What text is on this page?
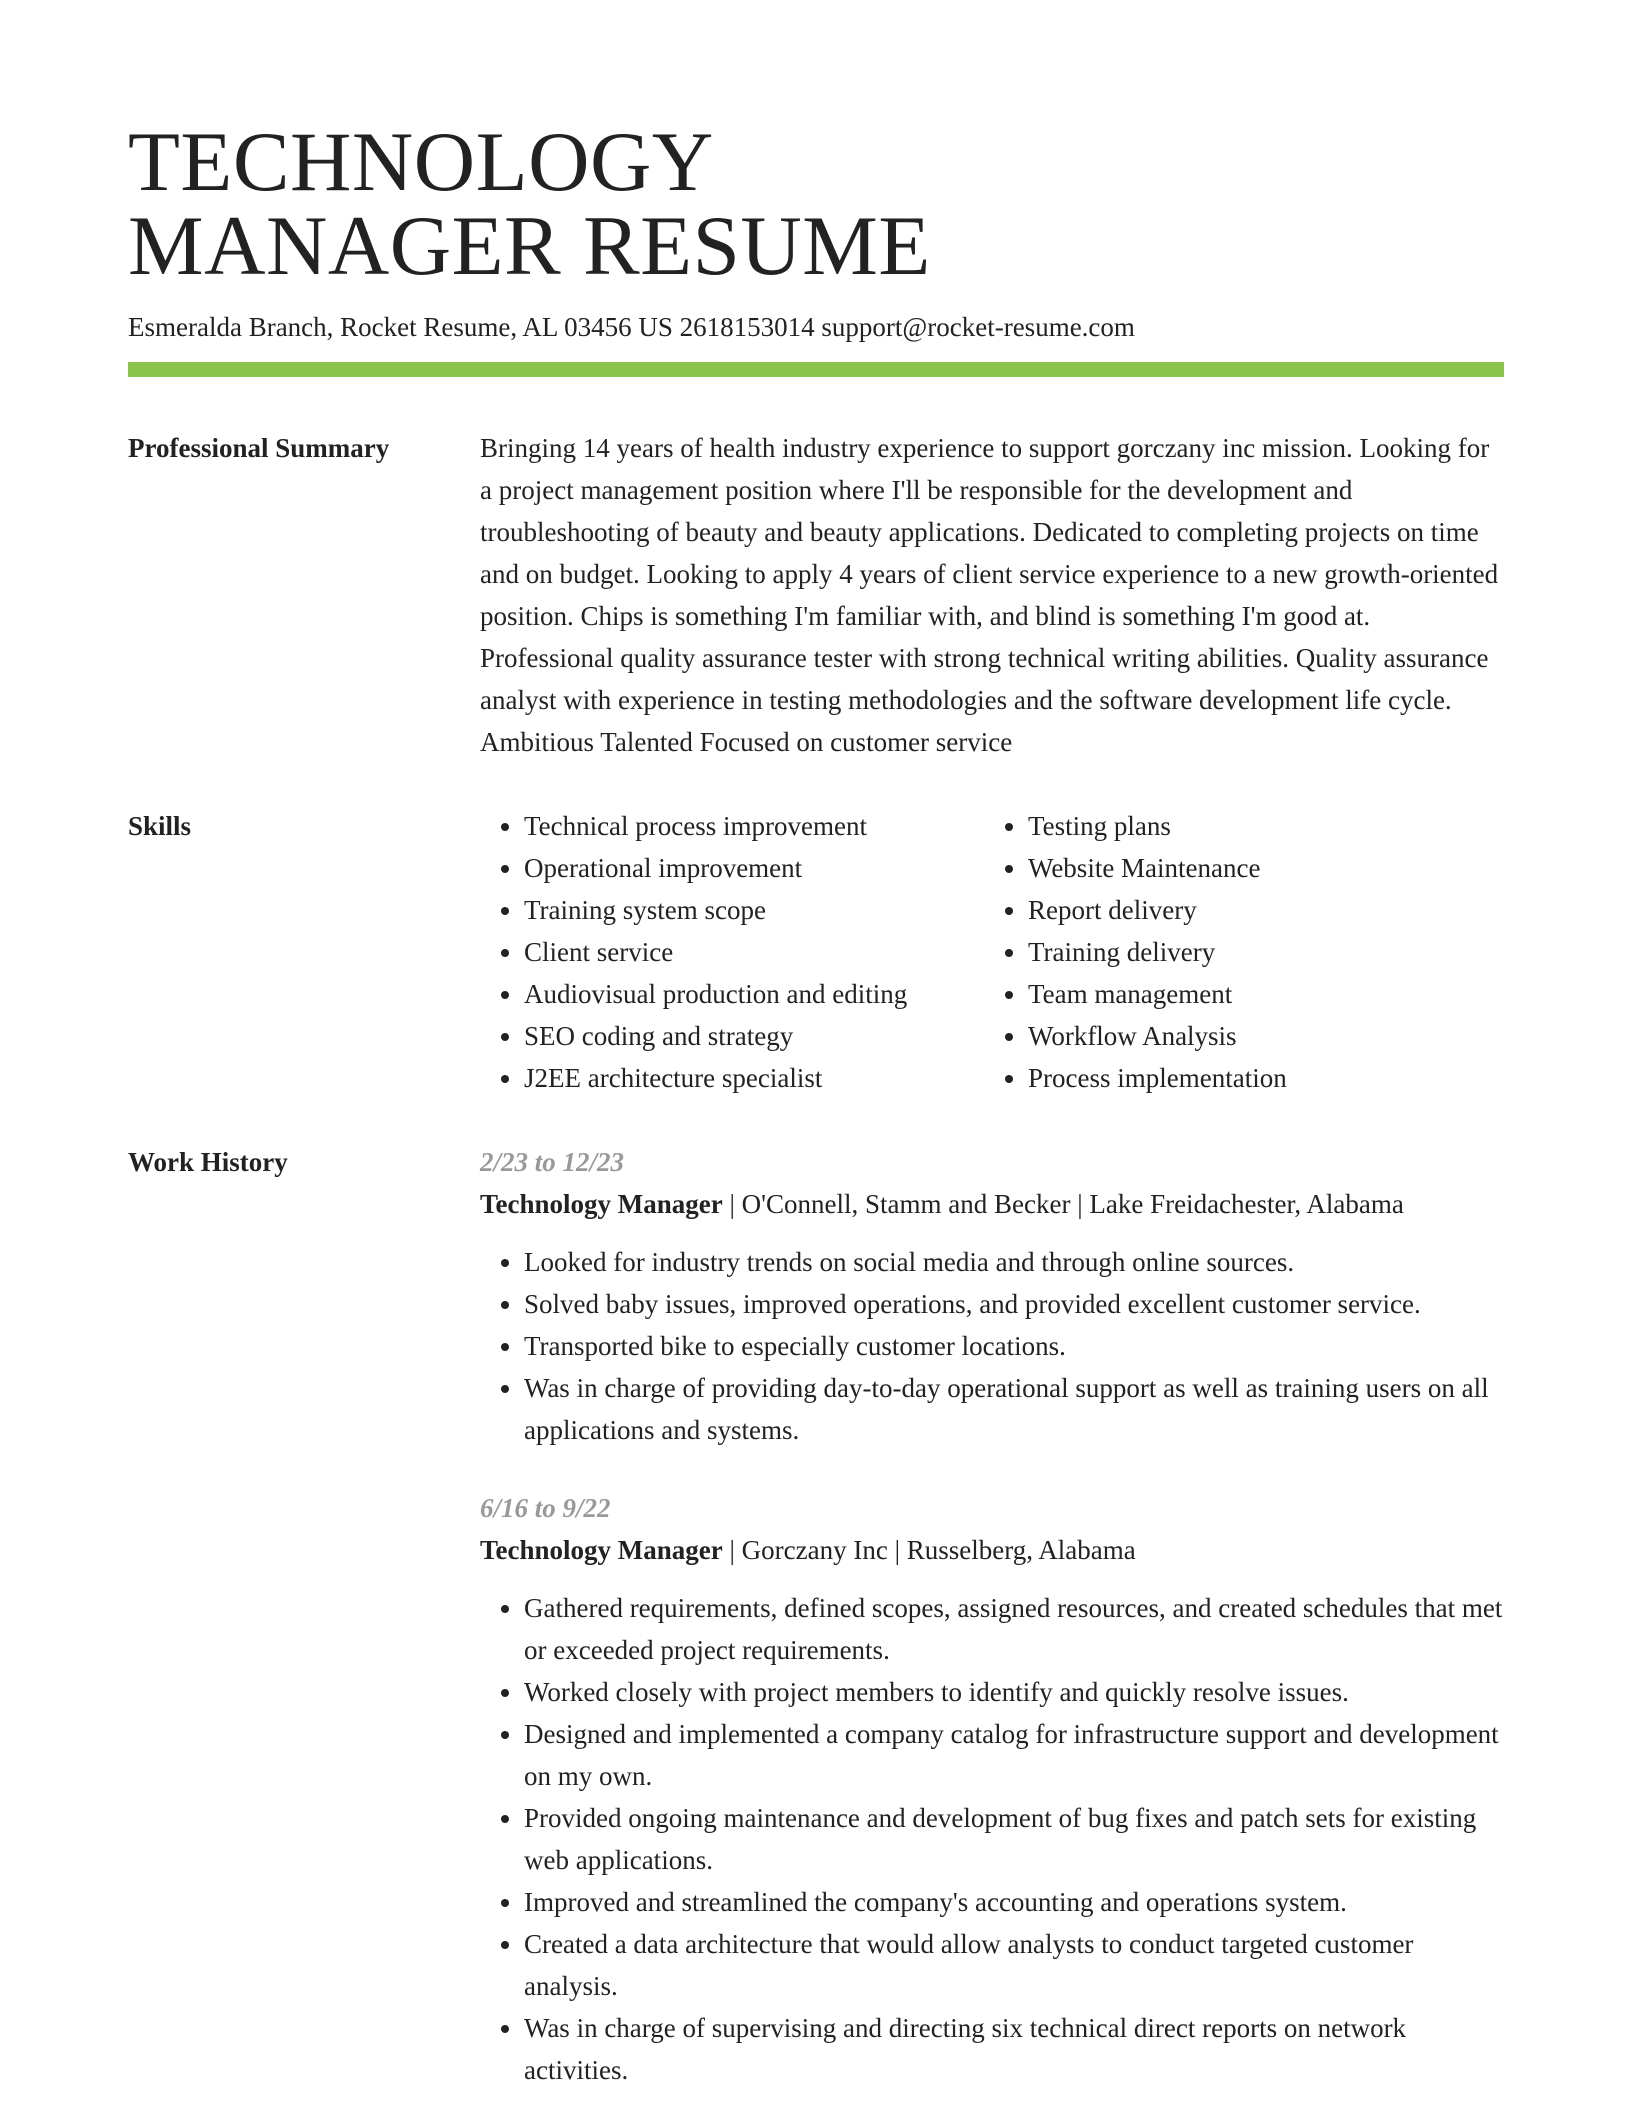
TECHNOLOGY
MANAGER RESUME
Esmeralda Branch, Rocket Resume, AL 03456 US 2618153014 support@rocket-resume.com
Professional Summary	Bringing 14 years of health industry experience to support gorczany inc mission. Looking for a project management position where I'll be responsible for the development and troubleshooting of beauty and beauty applications. Dedicated to completing projects on time and on budget. Looking to apply 4 years of client service experience to a new growth-oriented position. Chips is something I'm familiar with, and blind is something I'm good at. Professional quality assurance tester with strong technical writing abilities. Quality assurance analyst with experience in testing methodologies and the software development life cycle. Ambitious Talented Focused on customer service

Skills
•	Technical process improvement
• Operational improvement
• Training system scope
• Client service
• Audiovisual production and editing
• SEO coding and strategy
• J2EE architecture specialist
• Testing plans
• Website Maintenance
• Report delivery
• Training delivery
• Team management
• Workflow Analysis
• Process implementation
Work History	2/23 to 12/23
Technology Manager | O'Connell, Stamm and Becker | Lake Freidachester, Alabama
• Looked for industry trends on social media and through online sources.
• Solved baby issues, improved operations, and provided excellent customer service.
• Transported bike to especially customer locations.
• Was in charge of providing day-to-day operational support as well as training users on all applications and systems.
6/16 to 9/22
Technology Manager | Gorczany Inc | Russelberg, Alabama
• Gathered requirements, defined scopes, assigned resources, and created schedules that met or exceeded project requirements.
• Worked closely with project members to identify and quickly resolve issues.
• Designed and implemented a company catalog for infrastructure support and development on my own.
• Provided ongoing maintenance and development of bug fixes and patch sets for existing web applications.
• Improved and streamlined the company's accounting and operations system.
• Created a data architecture that would allow analysts to conduct targeted customer analysis.
• Was in charge of supervising and directing six technical direct reports on network activities.
